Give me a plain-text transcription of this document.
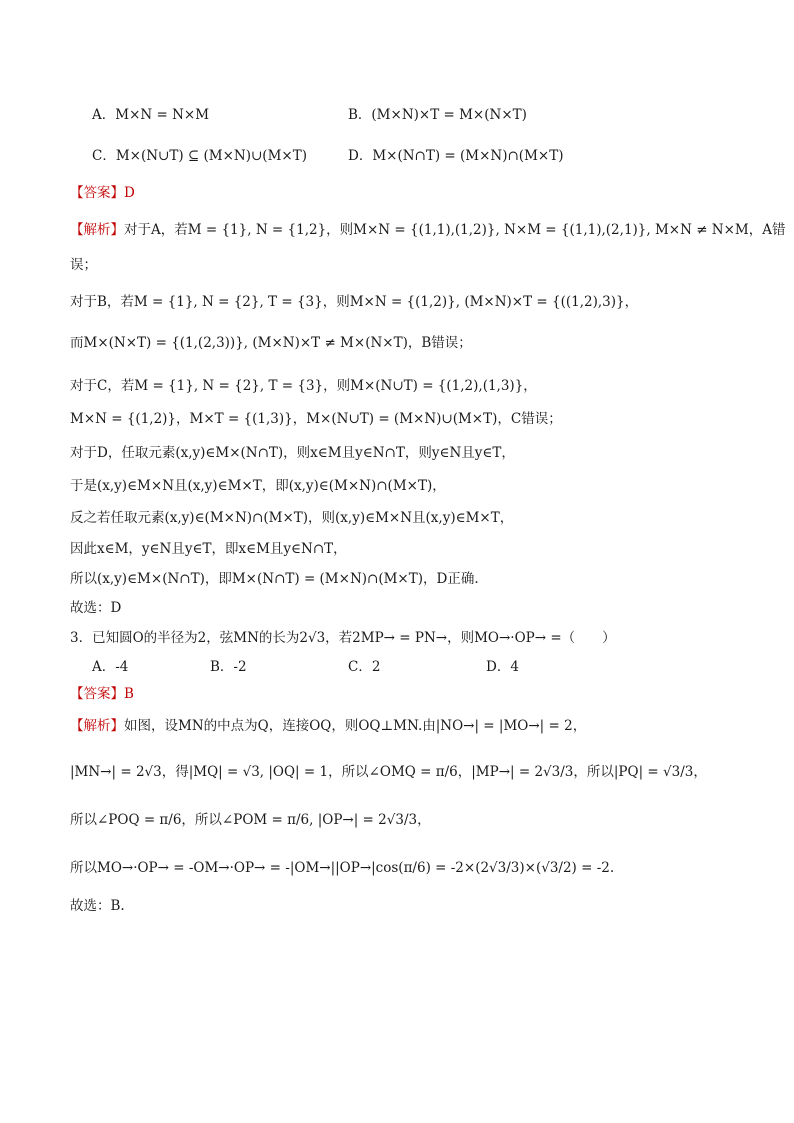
A．M×N = N×M	B．(M×N)×T = M×(N×T)
C．M×(N∪T) ⊆ (M×N)∪(M×T)	D．M×(N∩T) = (M×N)∩(M×T)
【答案】D
【解析】对于A，若M = {1}, N = {1,2}，则M×N = {(1,1),(1,2)}, N×M = {(1,1),(2,1)}, M×N ≠ N×M，A错
误；
对于B，若M = {1}, N = {2}, T = {3}，则M×N = {(1,2)}, (M×N)×T = {((1,2),3)}，
而M×(N×T) = {(1,(2,3))}, (M×N)×T ≠ M×(N×T)，B错误；
对于C，若M = {1}, N = {2}, T = {3}，则M×(N∪T) = {(1,2),(1,3)}，
M×N = {(1,2)}，M×T = {(1,3)}，M×(N∪T) = (M×N)∪(M×T)，C错误；
对于D，任取元素(x,y)∈M×(N∩T)，则x∈M且y∈N∩T，则y∈N且y∈T，
于是(x,y)∈M×N且(x,y)∈M×T，即(x,y)∈(M×N)∩(M×T)，
反之若任取元素(x,y)∈(M×N)∩(M×T)，则(x,y)∈M×N且(x,y)∈M×T，
因此x∈M，y∈N且y∈T，即x∈M且y∈N∩T，
所以(x,y)∈M×(N∩T)，即M×(N∩T) = (M×N)∩(M×T)，D正确.
故选：D
3．已知圆O的半径为2，弦MN的长为2√3，若2MP→ = PN→，则MO→·OP→ =（　　）
A．-4	B．-2	C．2	D．4
【答案】B
【解析】如图，设MN的中点为Q，连接OQ，则OQ⊥MN.由|NO→| = |MO→| = 2，
|MN→| = 2√3，得|MQ| = √3, |OQ| = 1，所以∠OMQ = π/6，|MP→| = 2√3/3，所以|PQ| = √3/3，
所以∠POQ = π/6，所以∠POM = π/6, |OP→| = 2√3/3，
所以MO→·OP→ = -OM→·OP→ = -|OM→||OP→|cos(π/6) = -2×(2√3/3)×(√3/2) = -2.
故选：B.
